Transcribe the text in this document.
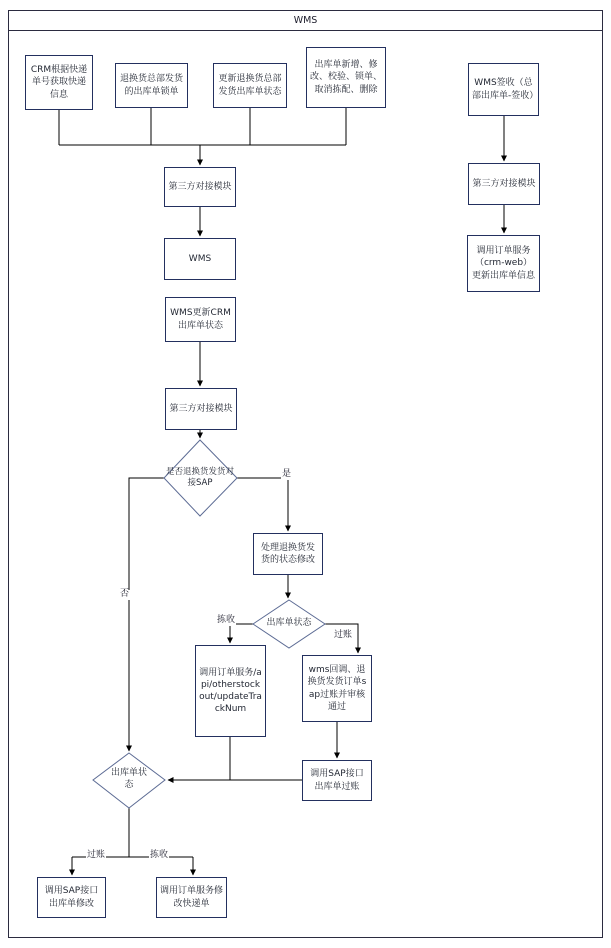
WMS
CRM根据快递单号获取快递信息
退换货总部发货的出库单锁单
更新退换货总部发货出库单状态
出库单新增、修改、校验、锁单、取消拣配、删除
WMS签收（总部出库单-签收）
第三方对接模块
WMS
WMS更新CRM出库单状态
第三方对接模块
处理退换货发货的状态修改
调用订单服务/api/otherstockout/updateTrackNum
wms回调、退换货发货订单sap过账并审核通过
调用SAP接口出库单过账
调用SAP接口出库单修改
调用订单服务修改快递单
第三方对接模块
调用订单服务（crm-web）更新出库单信息
是否退换货发货对接SAP
出库单状态
出库单状态
是
否
拣收
过账
过账	拣收
